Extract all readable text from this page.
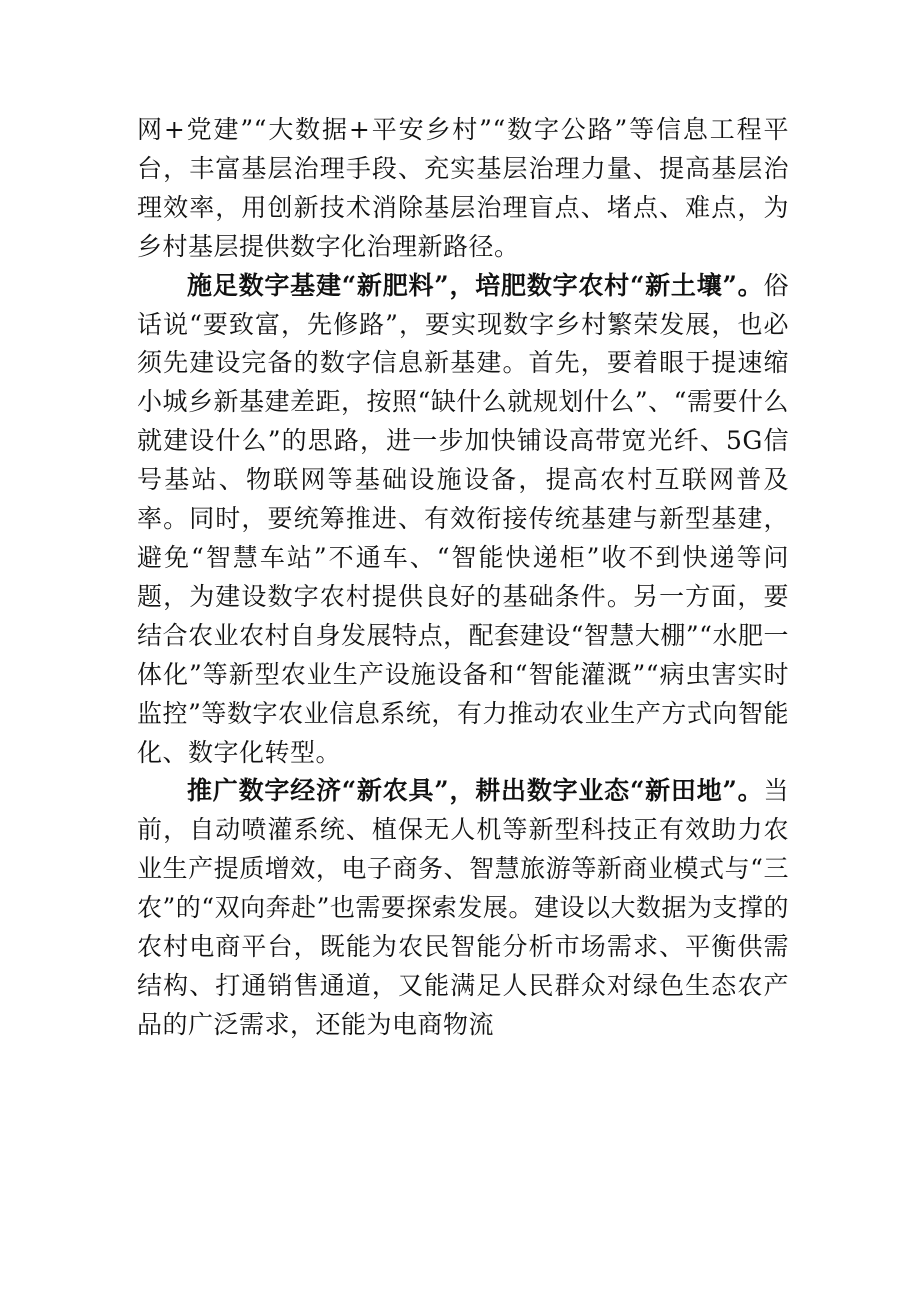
网+党建”“大数据+平安乡村”“数字公路”等信息工程平台，丰富基层治理手段、充实基层治理力量、提高基层治理效率，用创新技术消除基层治理盲点、堵点、难点，为乡村基层提供数字化治理新路径。

施足数字基建“新肥料”，培肥数字农村“新土壤”。俗话说“要致富，先修路”，要实现数字乡村繁荣发展，也必须先建设完备的数字信息新基建。首先，要着眼于提速缩小城乡新基建差距，按照“缺什么就规划什么”、“需要什么就建设什么”的思路，进一步加快铺设高带宽光纤、5G信号基站、物联网等基础设施设备，提高农村互联网普及率。同时，要统筹推进、有效衔接传统基建与新型基建，避免“智慧车站”不通车、“智能快递柜”收不到快递等问题，为建设数字农村提供良好的基础条件。另一方面，要结合农业农村自身发展特点，配套建设“智慧大棚”“水肥一体化”等新型农业生产设施设备和“智能灌溉”“病虫害实时监控”等数字农业信息系统，有力推动农业生产方式向智能化、数字化转型。

推广数字经济“新农具”，耕出数字业态“新田地”。当前，自动喷灌系统、植保无人机等新型科技正有效助力农业生产提质增效，电子商务、智慧旅游等新商业模式与“三农”的“双向奔赴”也需要探索发展。建设以大数据为支撑的农村电商平台，既能为农民智能分析市场需求、平衡供需结构、打通销售通道，又能满足人民群众对绿色生态农产品的广泛需求，还能为电商物流
